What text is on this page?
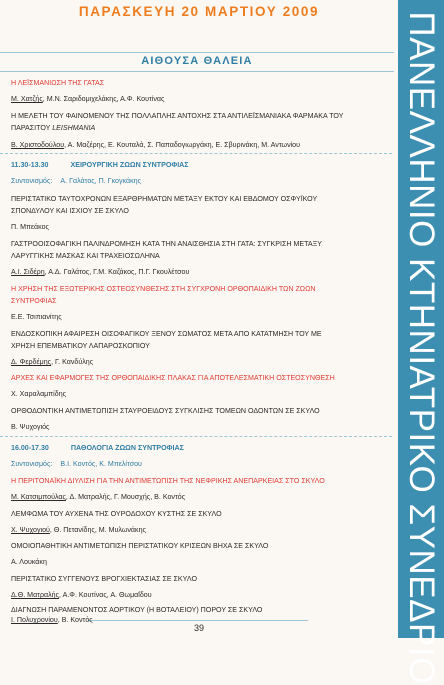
ΠΑΡΑΣΚΕΥΗ 20 ΜΑΡΤΙΟΥ 2009	ΠΑΝΕΛΛΗΝΙΟ ΚΤΗΝΙΑΤΡΙΚΟ ΣΥΝΕΔΡΙΟ
ΑΙΘΟΥΣΑ ΘΑΛΕΙΑ
Η ΛΕΪΣΜΑΝΙΩΣΗ ΤΗΣ ΓΑΤΑΣ
Μ. Χατζής, Μ.Ν. Σαριδομιχελάκης, Α.Φ. Κουτίνας
Η ΜΕΛΕΤΗ ΤΟΥ ΦΑΙΝΟΜΕΝΟΥ ΤΗΣ ΠΟΛΛΑΠΛΗΣ ΑΝΤΟΧΗΣ ΣΤΑ ΑΝΤΙΛΕΪΣΜΑΝΙΑΚΑ ΦΑΡΜΑΚΑ ΤΟΥ
ΠΑΡΑΣΙΤΟΥ LEISHMANIA
Β. Χριστοδούλου, Α. Μαζέρης, Ε. Κουταλά, Σ. Παπαδογιωργάκη, Ε. Σβυρινάκη, Μ. Αντωνίου
11.30-13.30	ΧΕΙΡΟΥΡΓΙΚΗ ΖΩΩΝ ΣΥΝΤΡΟΦΙΑΣ
Συντονισμός: Α. Γαλάτος, Π. Γκογκάκης
ΠΕΡΙΣΤΑΤΙΚΟ ΤΑΥΤΟΧΡΟΝΩΝ ΕΞΑΡΘΡΗΜΑΤΩΝ ΜΕΤΑΞΥ ΕΚΤΟΥ ΚΑΙ ΕΒΔΟΜΟΥ ΟΣΦΥΪΚΟΥ
ΣΠΟΝΔΥΛΟΥ ΚΑΙ ΙΣΧΙΟΥ ΣΕ ΣΚΥΛΟ
Π. Μπεάκος
ΓΑΣΤΡΟΟΙΣΟΦΑΓΙΚΗ ΠΑΛΙΝΔΡΟΜΗΣΗ ΚΑΤΑ ΤΗΝ ΑΝΑΙΣΘΗΣΙΑ ΣΤΗ ΓΑΤΑ: ΣΥΓΚΡΙΣΗ ΜΕΤΑΞΥ
ΛΑΡΥΓΓΙΚΗΣ ΜΑΣΚΑΣ ΚΑΙ ΤΡΑΧΕΙΟΣΩΛΗΝΑ
Α.Ι. Σιδέρη, Α.Δ. Γαλάτος, Γ.Μ. Καζάκος, Π.Γ. Γκουλέτσου
Η ΧΡΗΣΗ ΤΗΣ ΕΞΩΤΕΡΙΚΗΣ ΟΣΤΕΟΣΥΝΘΕΣΗΣ ΣΤΗ ΣΥΓΧΡΟΝΗ ΟΡΘΟΠΑΙΔΙΚΗ ΤΩΝ ΖΩΩΝ
ΣΥΝΤΡΟΦΙΑΣ
Ε.Ε. Τσιπιανίτης
ΕΝΔΟΣΚΟΠΙΚΗ ΑΦΑΙΡΕΣΗ ΟΙΣΟΦΑΓΙΚΟΥ ΞΕΝΟΥ ΣΩΜΑΤΟΣ ΜΕΤΑ ΑΠΟ ΚΑΤΑΤΜΗΣΗ ΤΟΥ ΜΕ
ΧΡΗΣΗ ΕΠΕΜΒΑΤΙΚΟΥ ΛΑΠΑΡΟΣΚΟΠΙΟΥ
Δ. Φερδέμης, Γ. Κανδύλης
ΑΡΧΕΣ ΚΑΙ ΕΦΑΡΜΟΓΕΣ ΤΗΣ ΟΡΘΟΠΑΙΔΙΚΗΣ ΠΛΑΚΑΣ ΓΙΑ ΑΠΟΤΕΛΕΣΜΑΤΙΚΗ ΟΣΤΕΟΣΥΝΘΕΣΗ
Χ. Χαραλαμπίδης
ΟΡΘΟΔΟΝΤΙΚΗ ΑΝΤΙΜΕΤΩΠΙΣΗ ΣΤΑΥΡΟΕΙΔΟΥΣ ΣΥΓΚΛΙΣΗΣ ΤΟΜΕΩΝ ΟΔΟΝΤΩΝ ΣΕ ΣΚΥΛΟ
Β. Ψυχογιός
16.00-17.30	ΠΑΘΟΛΟΓΙΑ ΖΩΩΝ ΣΥΝΤΡΟΦΙΑΣ
Συντονισμός: Β.Ι. Κοντός, Κ. Μπελίτσου
Η ΠΕΡΙΤΟΝΑΪΚΗ ΔΙΥΛΙΣΗ ΓΙΑ ΤΗΝ ΑΝΤΙΜΕΤΩΠΙΣΗ ΤΗΣ ΝΕΦΡΙΚΗΣ ΑΝΕΠΑΡΚΕΙΑΣ ΣΤΟ ΣΚΥΛΟ
Μ. Κατσιμπούλας, Δ. Ματραλής, Γ. Μουσχής, Β. Κοντός
ΛΕΜΦΩΜΑ ΤΟΥ ΑΥΧΕΝΑ ΤΗΣ ΟΥΡΟΔΟΧΟΥ ΚΥΣΤΗΣ ΣΕ ΣΚΥΛΟ
Χ. Ψυχογιού, Θ. Πετανίδης, Μ. Μυλωνάκης
ΟΜΟΙΟΠΑΘΗΤΙΚΗ ΑΝΤΙΜΕΤΩΠΙΣΗ ΠΕΡΙΣΤΑΤΙΚΟΥ ΚΡΙΣΕΩΝ ΒΗΧΑ ΣΕ ΣΚΥΛΟ
Α. Λουκάκη
ΠΕΡΙΣΤΑΤΙΚΟ ΣΥΓΓΕΝΟΥΣ ΒΡΟΓΧΙΕΚΤΑΣΙΑΣ ΣΕ ΣΚΥΛΟ
Δ.Θ. Ματραλής, Α.Φ. Κουτίνας, Α. Θωμαΐδου
ΔΙΑΓΝΩΣΗ ΠΑΡΑΜΕΝΟΝΤΟΣ ΑΟΡΤΙΚΟΥ (Η ΒΟΤΑΛΕΙΟΥ) ΠΟΡΟΥ ΣΕ ΣΚΥΛΟ
39
Ι. Πολυχρονίου, Β. Κοντός
